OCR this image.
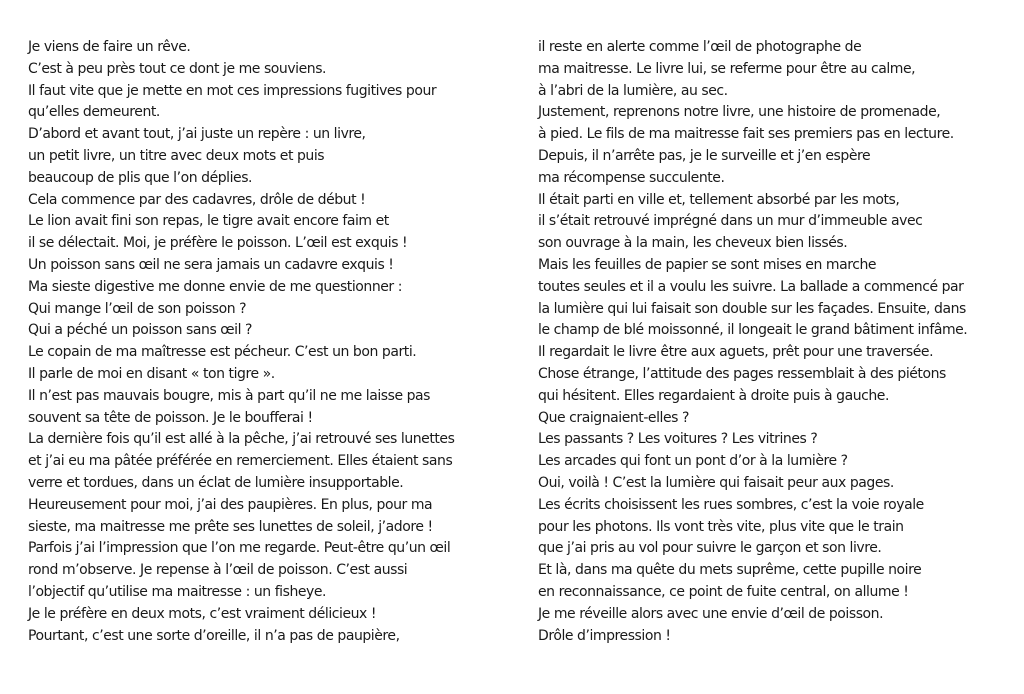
Je viens de faire un rêve.
C’est à peu près tout ce dont je me souviens.
Il faut vite que je mette en mot ces impressions fugitives pour
qu’elles demeurent.
D’abord et avant tout, j’ai juste un repère : un livre,
un petit livre, un titre avec deux mots et puis
beaucoup de plis que l’on déplies.
Cela commence par des cadavres, drôle de début !
Le lion avait fini son repas, le tigre avait encore faim et
il se délectait. Moi, je préfère le poisson. L’œil est exquis !
Un poisson sans œil ne sera jamais un cadavre exquis !
Ma sieste digestive me donne envie de me questionner :
Qui mange l’œil de son poisson ?
Qui a péché un poisson sans œil ?
Le copain de ma maîtresse est pécheur. C’est un bon parti.
Il parle de moi en disant « ton tigre ».
Il n’est pas mauvais bougre, mis à part qu’il ne me laisse pas
souvent sa tête de poisson. Je le boufferai !
La dernière fois qu’il est allé à la pêche, j’ai retrouvé ses lunettes
et j’ai eu ma pâtée préférée en remerciement. Elles étaient sans
verre et tordues, dans un éclat de lumière insupportable.
Heureusement pour moi, j’ai des paupières. En plus, pour ma
sieste, ma maitresse me prête ses lunettes de soleil, j’adore !
Parfois j’ai l’impression que l’on me regarde. Peut-être qu’un œil
rond m’observe. Je repense à l’œil de poisson. C’est aussi
l’objectif qu’utilise ma maitresse : un fisheye.
Je le préfère en deux mots, c’est vraiment délicieux !
Pourtant, c’est une sorte d’oreille, il n’a pas de paupière,
il reste en alerte comme l’œil de photographe de
ma maitresse. Le livre lui, se referme pour être au calme,
à l’abri de la lumière, au sec.
Justement, reprenons notre livre, une histoire de promenade,
à pied. Le fils de ma maitresse fait ses premiers pas en lecture.
Depuis, il n’arrête pas, je le surveille et j’en espère
ma récompense succulente.
Il était parti en ville et, tellement absorbé par les mots,
il s’était retrouvé imprégné dans un mur d’immeuble avec
son ouvrage à la main, les cheveux bien lissés.
Mais les feuilles de papier se sont mises en marche
toutes seules et il a voulu les suivre. La ballade a commencé par
la lumière qui lui faisait son double sur les façades. Ensuite, dans
le champ de blé moissonné, il longeait le grand bâtiment infâme.
Il regardait le livre être aux aguets, prêt pour une traversée.
Chose étrange, l’attitude des pages ressemblait à des piétons
qui hésitent. Elles regardaient à droite puis à gauche.
Que craignaient-elles ?
Les passants ? Les voitures ? Les vitrines ?
Les arcades qui font un pont d’or à la lumière ?
Oui, voilà ! C’est la lumière qui faisait peur aux pages.
Les écrits choisissent les rues sombres, c’est la voie royale
pour les photons. Ils vont très vite, plus vite que le train
que j’ai pris au vol pour suivre le garçon et son livre.
Et là, dans ma quête du mets suprême, cette pupille noire
en reconnaissance, ce point de fuite central, on allume !
Je me réveille alors avec une envie d’œil de poisson.
Drôle d’impression !
